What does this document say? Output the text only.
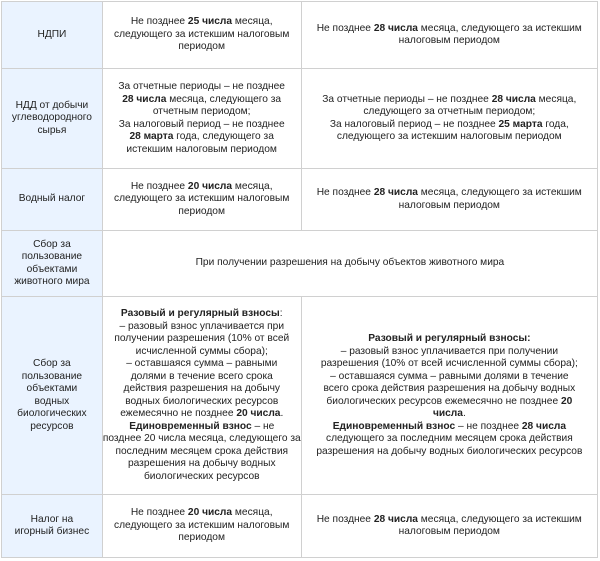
НДПИ
Не позднее 25 числа месяца,
следующего за истекшим налоговым
периодом
Не позднее 28 числа месяца, следующего за истекшим
налоговым периодом
НДД от добычи
углеводородного
сырья
За отчетные периоды – не позднее
28 числа месяца, следующего за
отчетным периодом;
За налоговый период – не позднее
28 марта года, следующего за
истекшим налоговым периодом
За отчетные периоды – не позднее 28 числа месяца,
следующего за отчетным периодом;
За налоговый период – не позднее 25 марта года,
следующего за истекшим налоговым периодом
Водный налог
Не позднее 20 числа месяца,
следующего за истекшим налоговым
периодом
Не позднее 28 числа месяца, следующего за истекшим
налоговым периодом
Сбор за
пользование
объектами
животного мира
При получении разрешения на добычу объектов животного мира
Сбор за
пользование
объектами
водных
биологических
ресурсов
Разовый и регулярный взносы:
– разовый взнос уплачивается при
получении разрешения (10% от всей
исчисленной суммы сбора);
– оставшаяся сумма – равными
долями в течение всего срока
действия разрешения на добычу
водных биологических ресурсов
ежемесячно не позднее 20 числа.
Единовременный взнос – не
позднее 20 числа месяца, следующего за
последним месяцем срока действия
разрешения на добычу водных
биологических ресурсов
Разовый и регулярный взносы:
– разовый взнос уплачивается при получении
разрешения (10% от всей исчисленной суммы сбора);
– оставшаяся сумма – равными долями в течение
всего срока действия разрешения на добычу водных
биологических ресурсов ежемесячно не позднее 20
числа.
Единовременный взнос – не позднее 28 числа
следующего за последним месяцем срока действия
разрешения на добычу водных биологических ресурсов
Налог на
игорный бизнес
Не позднее 20 числа месяца,
следующего за истекшим налоговым
периодом
Не позднее 28 числа месяца, следующего за истекшим
налоговым периодом
